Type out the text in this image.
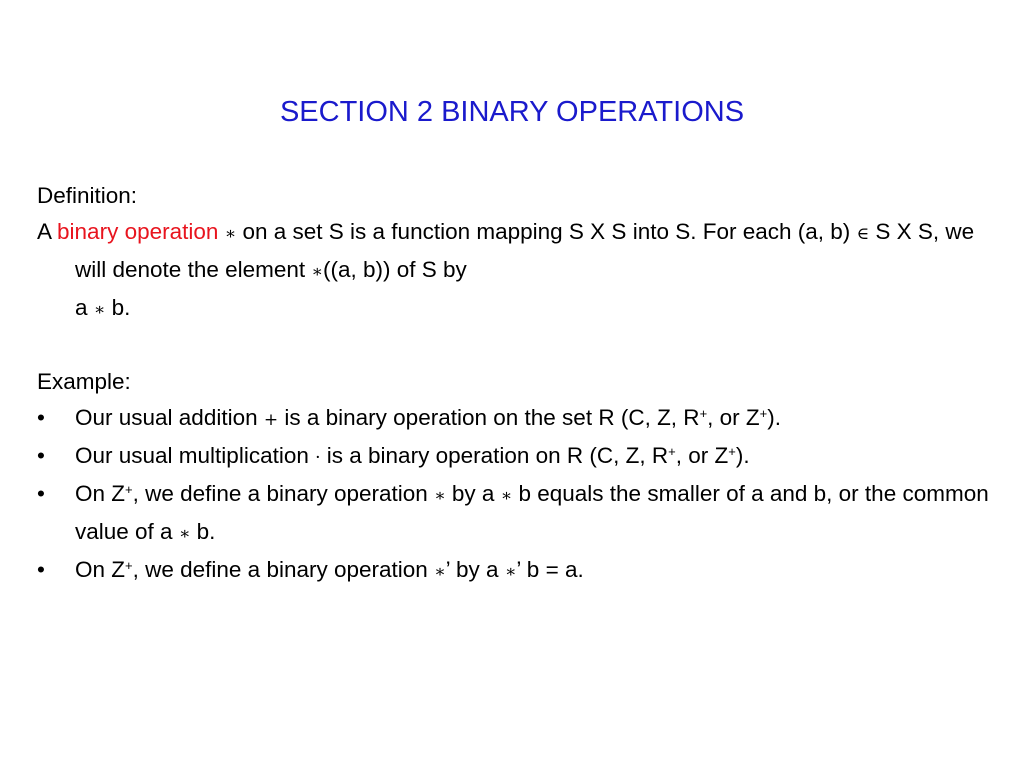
SECTION 2 BINARY OPERATIONS

Definition:

A binary operation ∗ on a set S is a function mapping S X S into S. For each (a, b) ∈ S X S, we will denote the element ∗((a, b)) of S by

a ∗ b.

Example:

•	Our usual addition + is a binary operation on the set R (C, Z, R+, or Z+).
•	Our usual multiplication · is a binary operation on R (C, Z, R+, or Z+).
•	On Z+, we define a binary operation ∗ by a ∗ b equals the smaller of a and b, or the common value of a ∗ b.
•	On Z+, we define a binary operation ∗’ by a ∗’ b = a.
